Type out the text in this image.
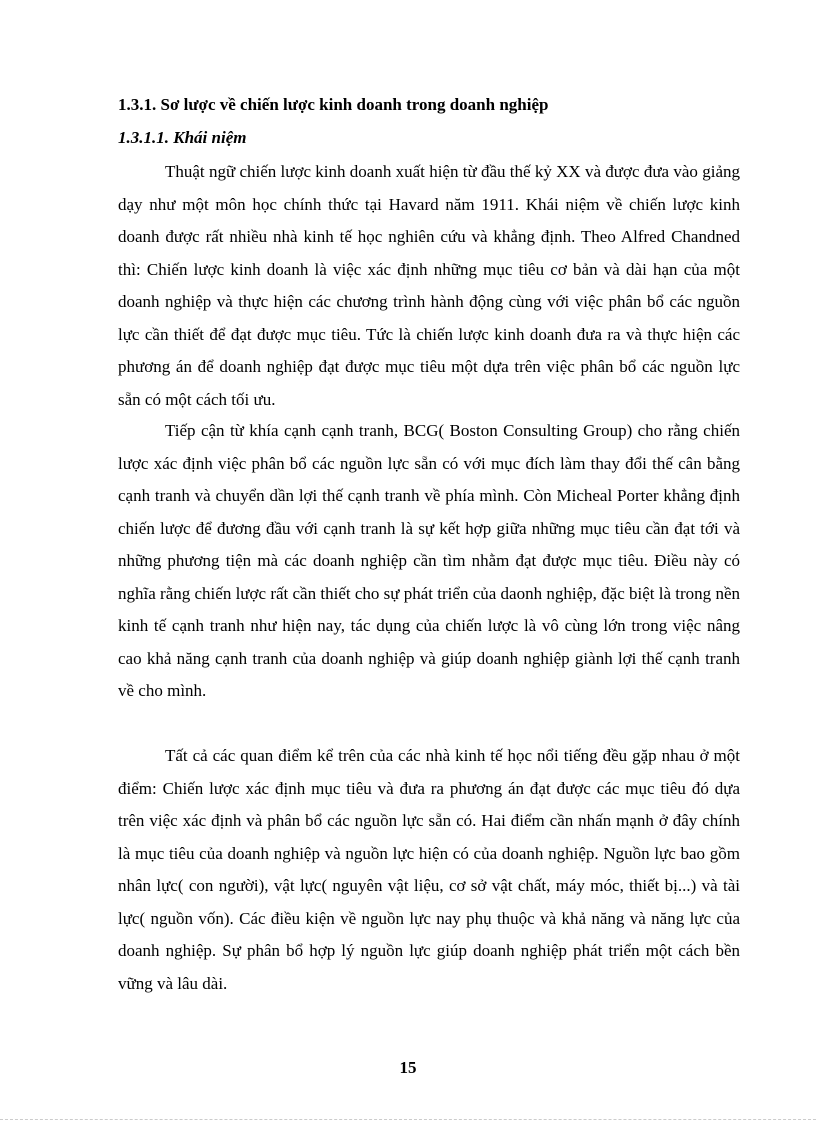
1.3.1. Sơ lược về chiến lược kinh doanh trong doanh nghiệp
1.3.1.1. Khái niệm

Thuật ngữ chiến lược kinh doanh xuất hiện từ đầu thế kỷ XX và được đưa vào giảng dạy như một môn học chính thức tại Havard năm 1911. Khái niệm về chiến lược kinh doanh được rất nhiều nhà kinh tế học nghiên cứu và khẳng định. Theo Alfred Chandned thì: Chiến lược kinh doanh là việc xác định những mục tiêu cơ bản và dài hạn của một doanh nghiệp và thực hiện các chương trình hành động cùng với việc phân bổ các nguồn lực cần thiết để đạt được mục tiêu. Tức là chiến lược kinh doanh đưa ra và thực hiện các phương án để doanh nghiệp đạt được mục tiêu một dựa trên việc phân bổ các nguồn lực sẵn có một cách tối ưu.

Tiếp cận từ khía cạnh cạnh tranh, BCG( Boston Consulting Group) cho rằng chiến lược xác định việc phân bổ các nguồn lực sẵn có với mục đích làm thay đổi thế cân bằng cạnh tranh và chuyển dần lợi thế cạnh tranh về phía mình. Còn Micheal Porter khẳng định chiến lược để đương đầu với cạnh tranh là sự kết hợp giữa những mục tiêu cần đạt tới và những phương tiện mà các doanh nghiệp cần tìm nhằm đạt được mục tiêu. Điều này có nghĩa rằng chiến lược rất cần thiết cho sự phát triển của daonh nghiệp, đặc biệt là trong nền kinh tế cạnh tranh như hiện nay, tác dụng của chiến lược là vô cùng lớn trong việc nâng cao khả năng cạnh tranh của doanh nghiệp và giúp doanh nghiệp giành lợi thế cạnh tranh về cho mình.

Tất cả các quan điểm kể trên của các nhà kinh tế học nổi tiếng đều gặp nhau ở một điểm: Chiến lược xác định mục tiêu và đưa ra phương án đạt được các mục tiêu đó dựa trên việc xác định và phân bổ các nguồn lực sẵn có. Hai điểm cần nhấn mạnh ở đây chính là mục tiêu của doanh nghiệp và nguồn lực hiện có của doanh nghiệp. Nguồn lực bao gồm nhân lực( con người), vật lực( nguyên vật liệu, cơ sở vật chất, máy móc, thiết bị...) và tài lực( nguồn vốn). Các điều kiện về nguồn lực nay phụ thuộc và khả năng và năng lực của doanh nghiệp. Sự phân bổ hợp lý nguồn lực giúp doanh nghiệp phát triển một cách bền vững và lâu dài.

15
